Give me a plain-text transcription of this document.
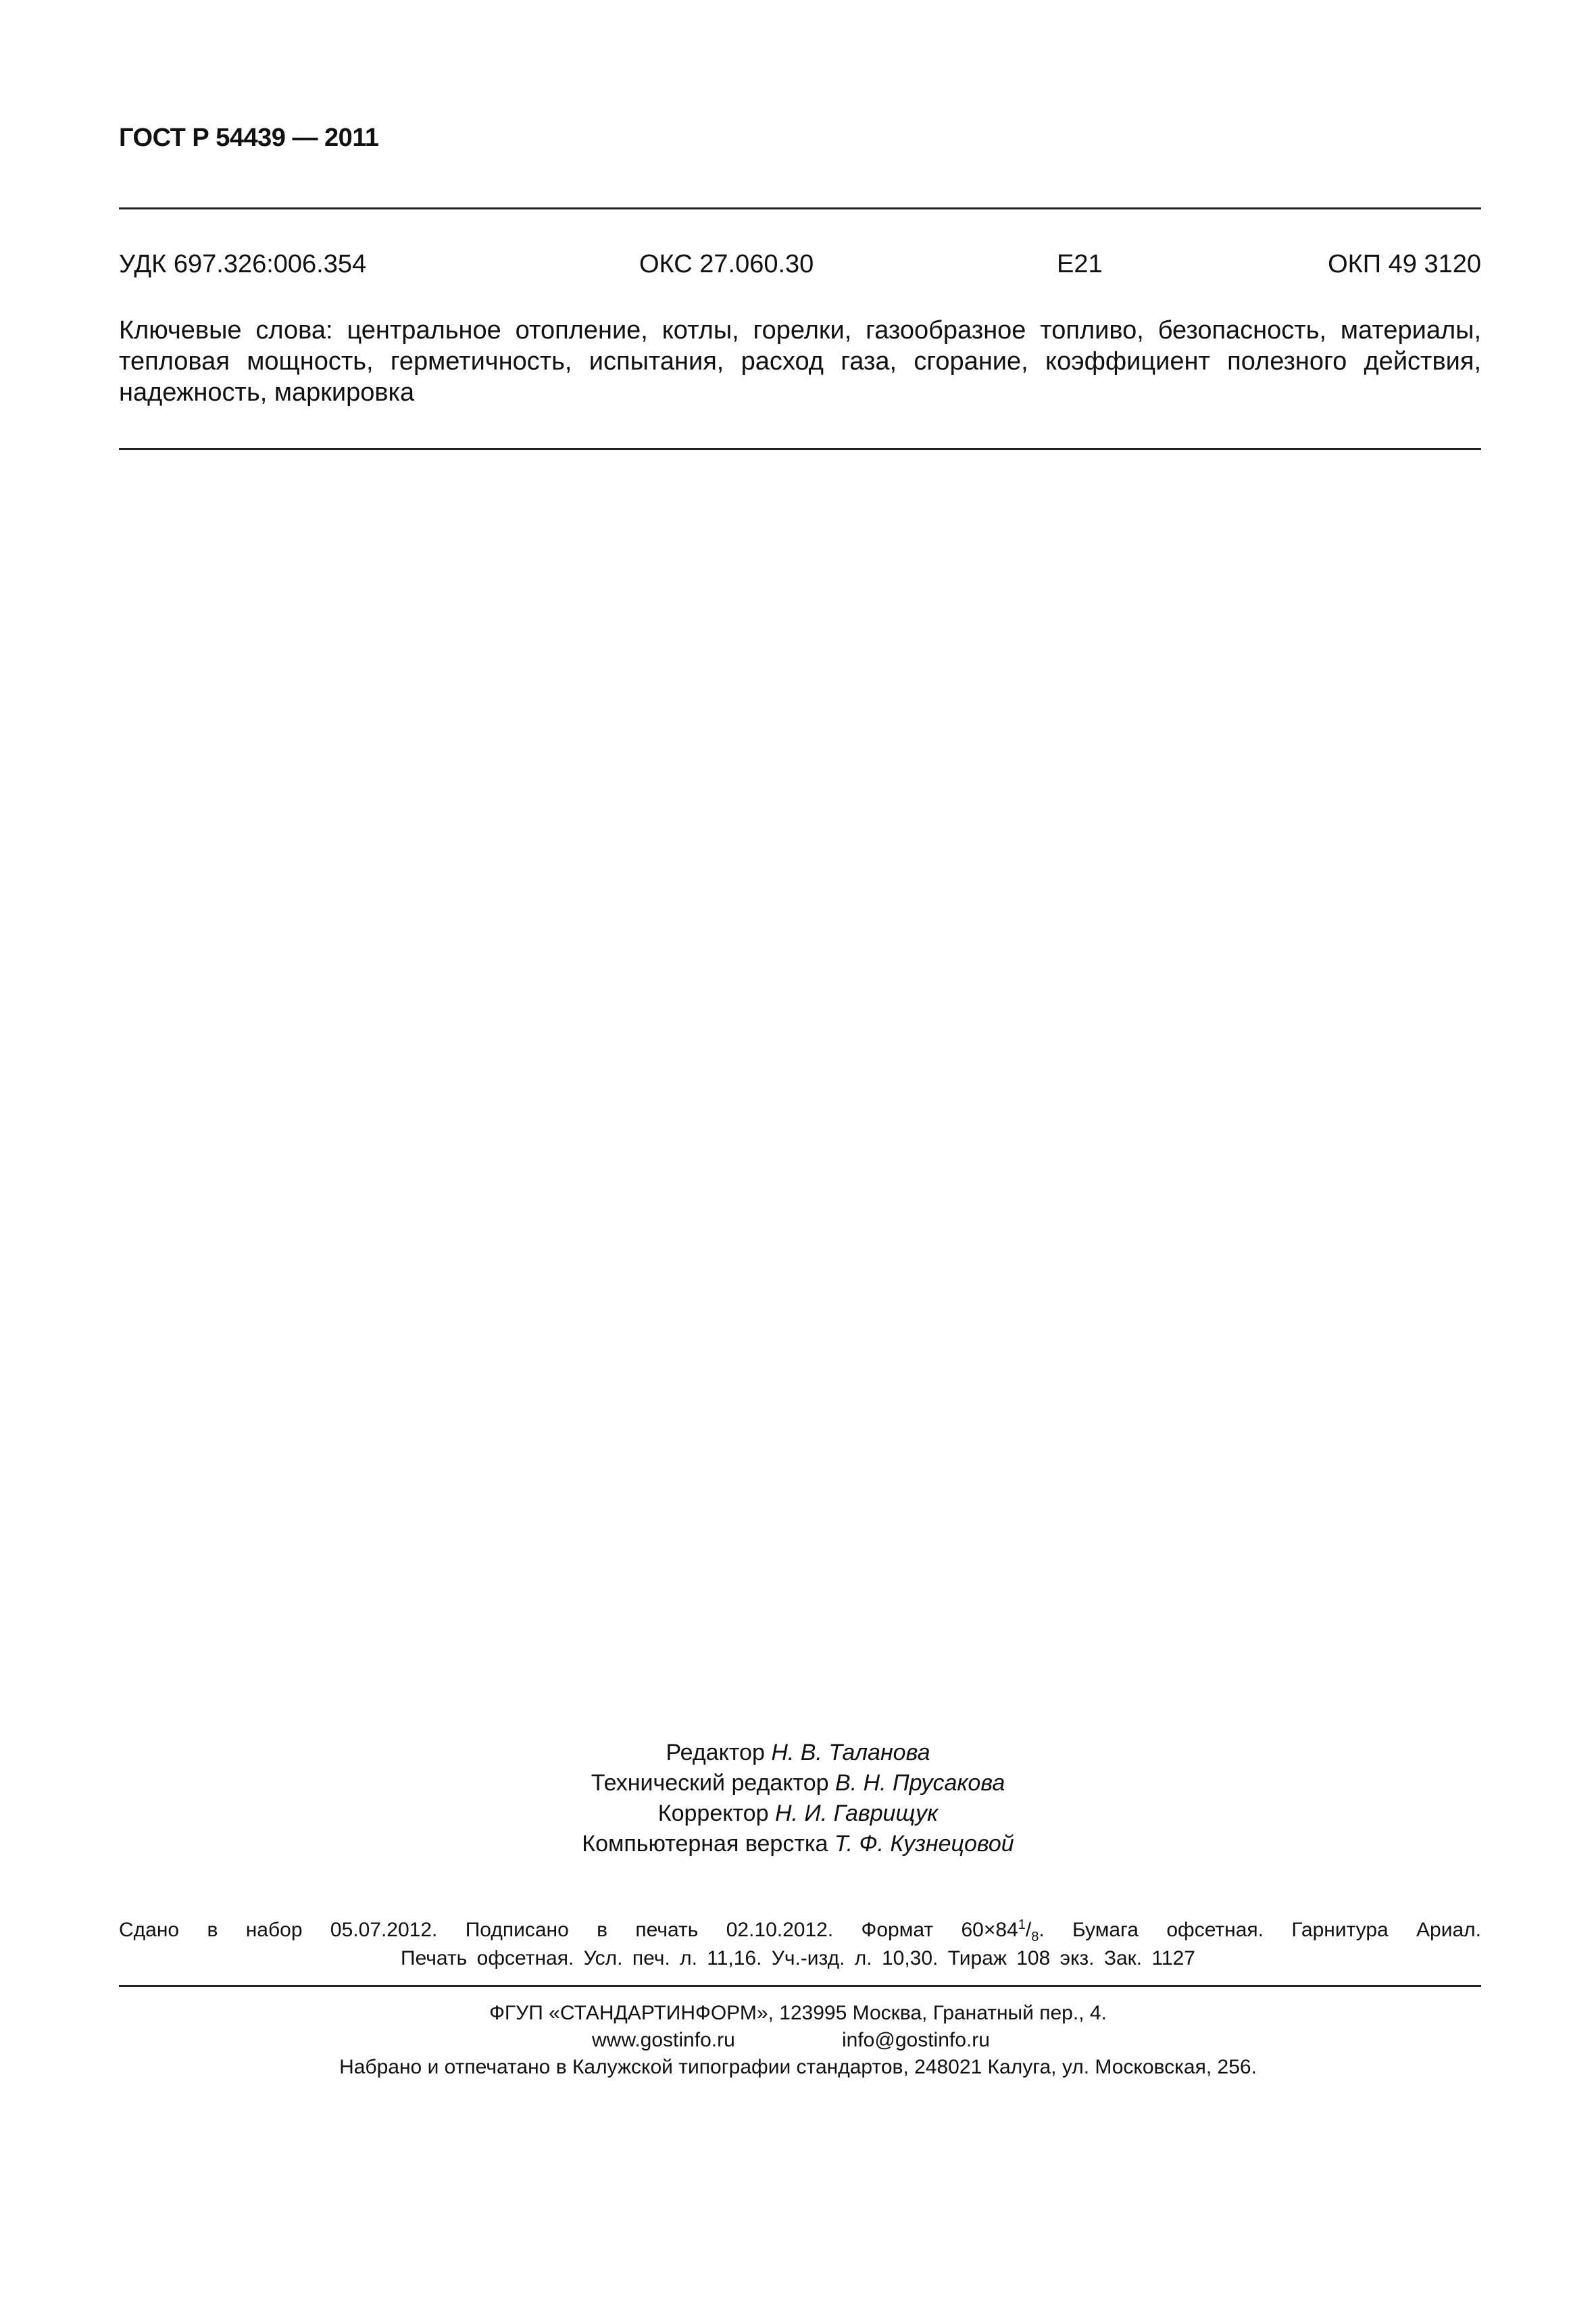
ГОСТ Р 54439 — 2011
УДК 697.326:006.354	ОКС 27.060.30	Е21	ОКП 49 3120
Ключевые слова: центральное отопление, котлы, горелки, газообразное топливо, безопасность, материалы, тепловая мощность, герметичность, испытания, расход газа, сгорание, коэффициент полезного действия, надежность, маркировка
Редактор Н. В. Таланова
Технический редактор В. Н. Прусакова
Корректор Н. И. Гаврищук
Компьютерная верстка Т. Ф. Кузнецовой
Сдано в набор 05.07.2012. Подписано в печать 02.10.2012. Формат $60\times 84^1/_8$. Бумага офсетная. Гарнитура Ариал.
Печать офсетная. Усл. печ. л. 11,16. Уч.-изд. л. 10,30. Тираж 108 экз. Зак. 1127
ФГУП «СТАНДАРТИНФОРМ», 123995 Москва, Гранатный пер., 4.
www.gostinfo.ru	info@gostinfo.ru
Набрано и отпечатано в Калужской типографии стандартов, 248021 Калуга, ул. Московская, 256.
